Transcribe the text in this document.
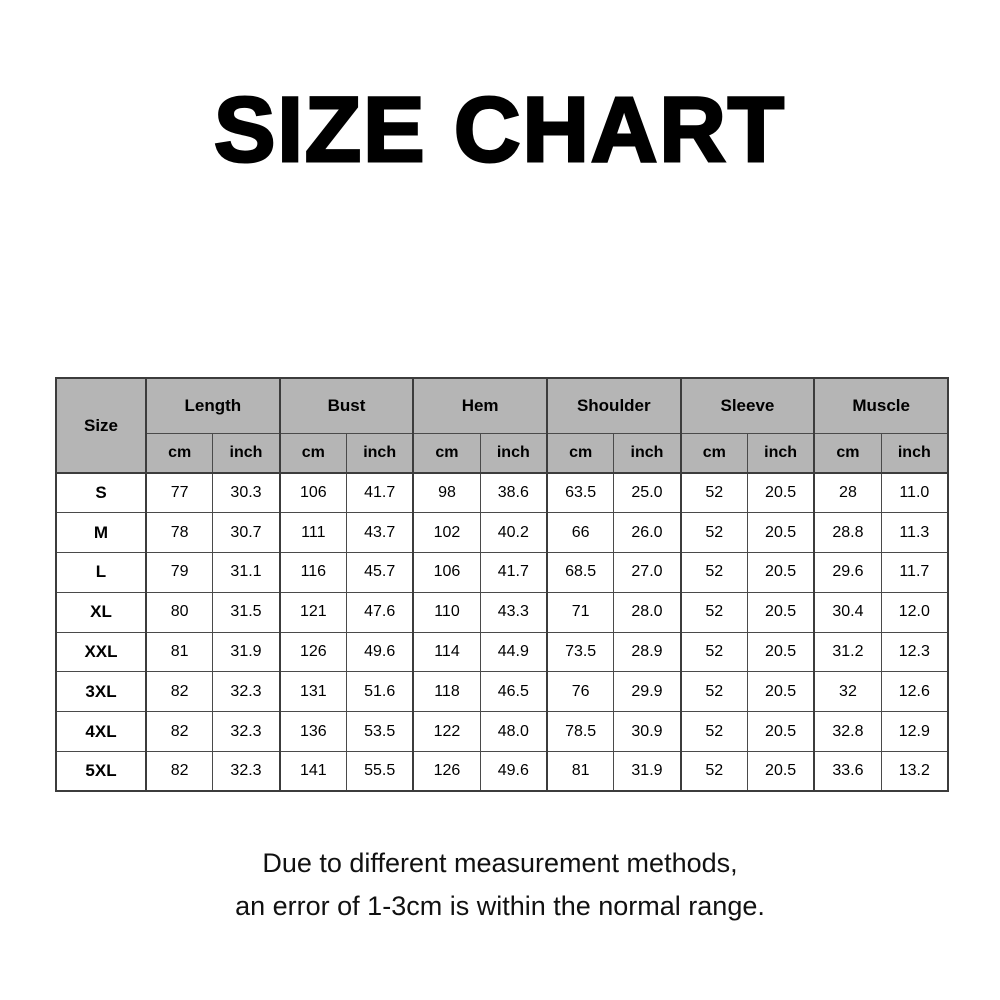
SIZE CHART
Size	Length		Bust		Hem		Shoulder		Sleeve		Muscle	
	cm	inch	cm	inch	cm	inch	cm	inch	cm	inch	cm	inch
S	77	30.3	106	41.7	98	38.6	63.5	25.0	52	20.5	28	11.0
M	78	30.7	111	43.7	102	40.2	66	26.0	52	20.5	28.8	11.3
L	79	31.1	116	45.7	106	41.7	68.5	27.0	52	20.5	29.6	11.7
XL	80	31.5	121	47.6	110	43.3	71	28.0	52	20.5	30.4	12.0
XXL	81	31.9	126	49.6	114	44.9	73.5	28.9	52	20.5	31.2	12.3
3XL	82	32.3	131	51.6	118	46.5	76	29.9	52	20.5	32	12.6
4XL	82	32.3	136	53.5	122	48.0	78.5	30.9	52	20.5	32.8	12.9
5XL	82	32.3	141	55.5	126	49.6	81	31.9	52	20.5	33.6	13.2
Due to different measurement methods,
an error of 1-3cm is within the normal range.
